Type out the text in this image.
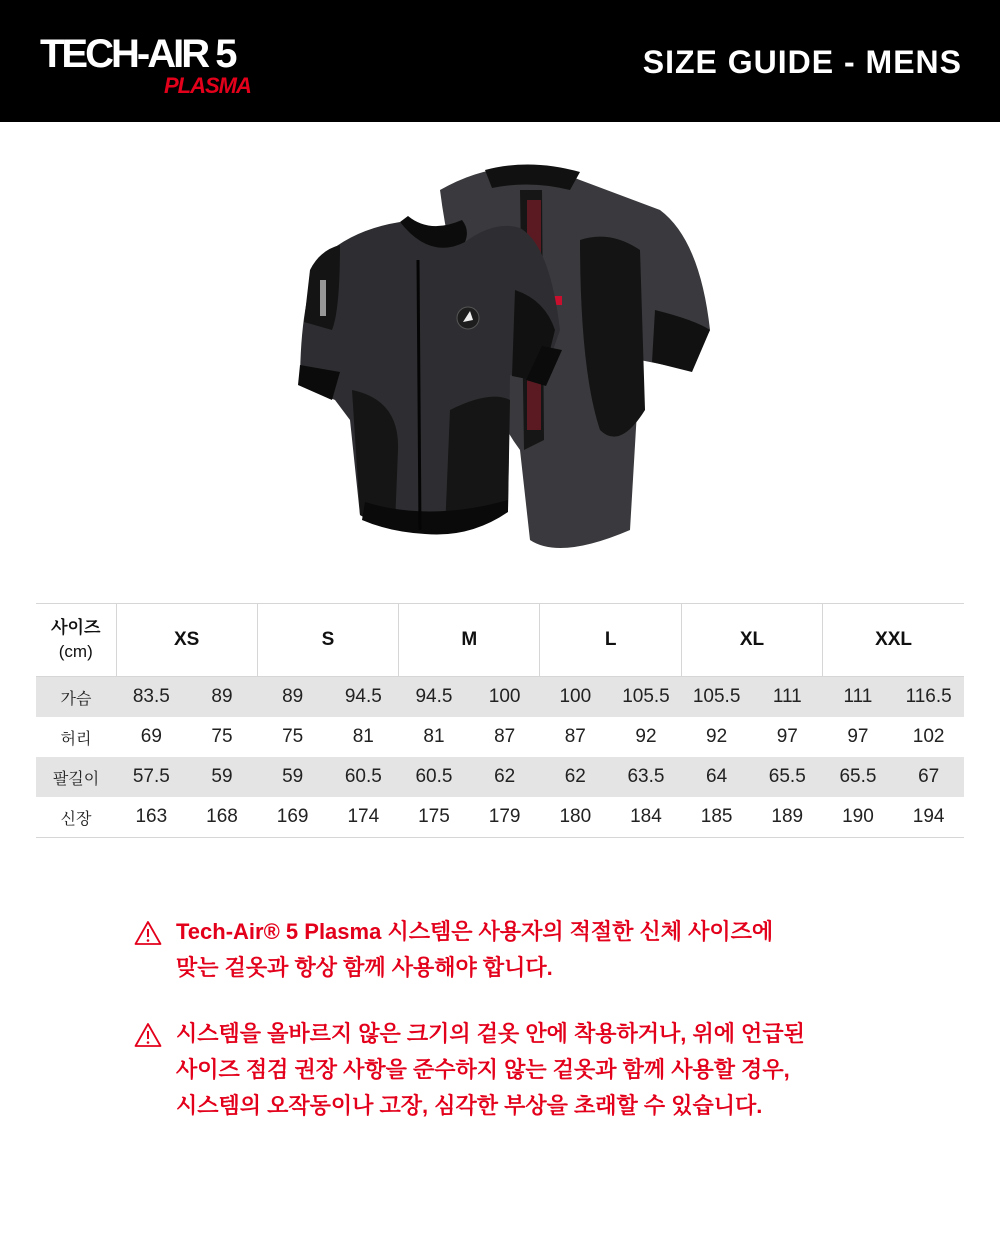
TECH-AIR 5
PLASMA
SIZE GUIDE - MENS
사이즈
(cm)	XS		S		M		L		XL		XXL	
가슴	83.5	89	89	94.5	94.5	100	100	105.5	105.5	111	111	116.5
허리	69	75	75	81	81	87	87	92	92	97	97	102
팔길이	57.5	59	59	60.5	60.5	62	62	63.5	64	65.5	65.5	67
신장	163	168	169	174	175	179	180	184	185	189	190	194
Tech-Air® 5 Plasma 시스템은 사용자의 적절한 신체 사이즈에
맞는 겉옷과 항상 함께 사용해야 합니다.
시스템을 올바르지 않은 크기의 겉옷 안에 착용하거나, 위에 언급된
사이즈 점검 권장 사항을 준수하지 않는 겉옷과 함께 사용할 경우,
시스템의 오작동이나 고장, 심각한 부상을 초래할 수 있습니다.
